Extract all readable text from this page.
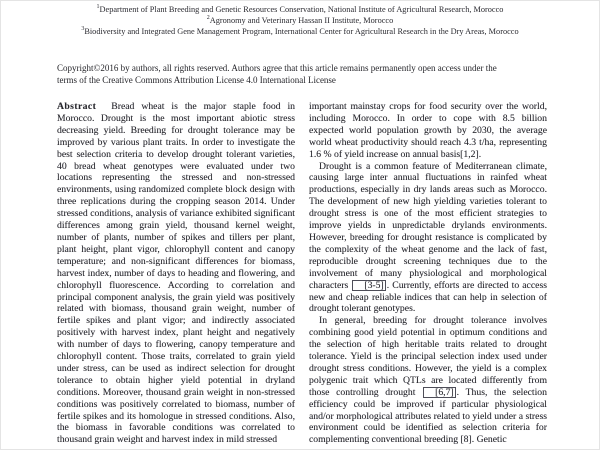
$^1$Department of Plant Breeding and Genetic Resources Conservation, National Institute of Agricultural Research, Morocco
$^2$Agronomy and Veterinary Hassan II Institute, Morocco
$^3$Biodiversity and Integrated Gene Management Program, International Center for Agricultural Research in the Dry Areas, Morocco

Copyright©2016 by authors, all rights reserved. Authors agree that this article remains permanently open access under the terms of the Creative Commons Attribution License 4.0 International License

Abstract Bread wheat is the major staple food in Morocco. Drought is the most important abiotic stress decreasing yield. Breeding for drought tolerance may be improved by various plant traits. In order to investigate the best selection criteria to develop drought tolerant varieties, 40 bread wheat genotypes were evaluated under two locations representing the stressed and non-stressed environments, using randomized complete block design with three replications during the cropping season 2014. Under stressed conditions, analysis of variance exhibited significant differences among grain yield, thousand kernel weight, number of plants, number of spikes and tillers per plant, plant height, plant vigor, chlorophyll content and canopy temperature; and non-significant differences for biomass, harvest index, number of days to heading and flowering, and chlorophyll fluorescence. According to correlation and principal component analysis, the grain yield was positively related with biomass, thousand grain weight, number of fertile spikes and plant vigor; and indirectly associated positively with harvest index, plant height and negatively with number of days to flowering, canopy temperature and chlorophyll content. Those traits, correlated to grain yield under stress, can be used as indirect selection for drought tolerance to obtain higher yield potential in dryland conditions. Moreover, thousand grain weight in non-stressed conditions was positively correlated to biomass, number of fertile spikes and its homologue in stressed conditions. Also, the biomass in favorable conditions was correlated to thousand grain weight and harvest index in mild stressed

important mainstay crops for food security over the world, including Morocco. In order to cope with 8.5 billion expected world population growth by 2030, the average world wheat productivity should reach 4.3 t/ha, representing 1.6 % of yield increase on annual basis[1,2].

Drought is a common feature of Mediterranean climate, causing large inter annual fluctuations in rainfed wheat productions, especially in dry lands areas such as Morocco. The development of new high yielding varieties tolerant to drought stress is one of the most efficient strategies to improve yields in unpredictable drylands environments. However, breeding for drought resistance is complicated by the complexity of the wheat genome and the lack of fast, reproducible drought screening techniques due to the involvement of many physiological and morphological characters [3-5] . Currently, efforts are directed to access new and cheap reliable indices that can help in selection of drought tolerant genotypes.

In general, breeding for drought tolerance involves combining good yield potential in optimum conditions and the selection of high heritable traits related to drought tolerance. Yield is the principal selection index used under drought stress conditions. However, the yield is a complex polygenic trait which QTLs are located differently from those controlling drought [6,7] . Thus, the selection efficiency could be improved if particular physiological and/or morphological attributes related to yield under a stress environment could be identified as selection criteria for complementing conventional breeding [8]. Genetic
